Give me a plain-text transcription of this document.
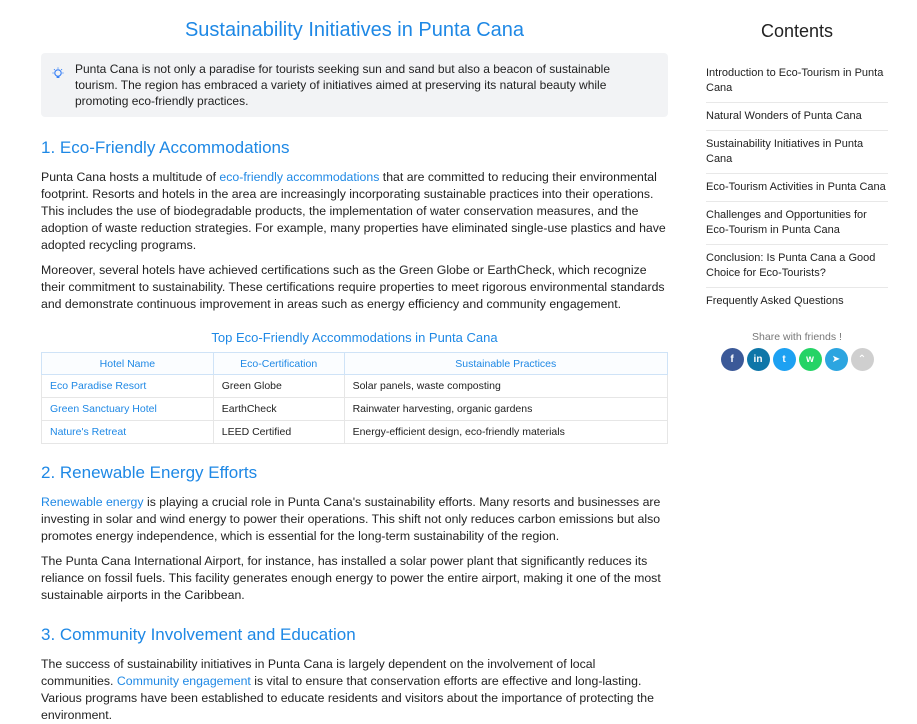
Sustainability Initiatives in Punta Cana
Punta Cana is not only a paradise for tourists seeking sun and sand but also a beacon of sustainable tourism. The region has embraced a variety of initiatives aimed at preserving its natural beauty while promoting eco-friendly practices.
1. Eco-Friendly Accommodations

Punta Cana hosts a multitude of eco-friendly accommodations that are committed to reducing their environmental footprint. Resorts and hotels in the area are increasingly incorporating sustainable practices into their operations. This includes the use of biodegradable products, the implementation of water conservation measures, and the adoption of waste reduction strategies. For example, many properties have eliminated single-use plastics and have adopted recycling programs.

Moreover, several hotels have achieved certifications such as the Green Globe or EarthCheck, which recognize their commitment to sustainability. These certifications require properties to meet rigorous environmental standards and demonstrate continuous improvement in areas such as energy efficiency and community engagement.

Top Eco-Friendly Accommodations in Punta Cana
Hotel Name	Eco-Certification	Sustainable Practices
Eco Paradise Resort	Green Globe	Solar panels, waste composting
Green Sanctuary Hotel	EarthCheck	Rainwater harvesting, organic gardens
Nature's Retreat	LEED Certified	Energy-efficient design, eco-friendly materials
2. Renewable Energy Efforts

Renewable energy is playing a crucial role in Punta Cana's sustainability efforts. Many resorts and businesses are investing in solar and wind energy to power their operations. This shift not only reduces carbon emissions but also promotes energy independence, which is essential for the long-term sustainability of the region.

The Punta Cana International Airport, for instance, has installed a solar power plant that significantly reduces its reliance on fossil fuels. This facility generates enough energy to power the entire airport, making it one of the most sustainable airports in the Caribbean.

3. Community Involvement and Education

The success of sustainability initiatives in Punta Cana is largely dependent on the involvement of local communities. Community engagement is vital to ensure that conservation efforts are effective and long-lasting. Various programs have been established to educate residents and visitors about the importance of protecting the environment.

Contents
Introduction to Eco-Tourism in Punta Cana
Natural Wonders of Punta Cana
Sustainability Initiatives in Punta Cana
Eco-Tourism Activities in Punta Cana
Challenges and Opportunities for Eco-Tourism in Punta Cana
Conclusion: Is Punta Cana a Good Choice for Eco-Tourists?
Frequently Asked Questions
Share with friends !
f	in	t	w	➤	⌃
